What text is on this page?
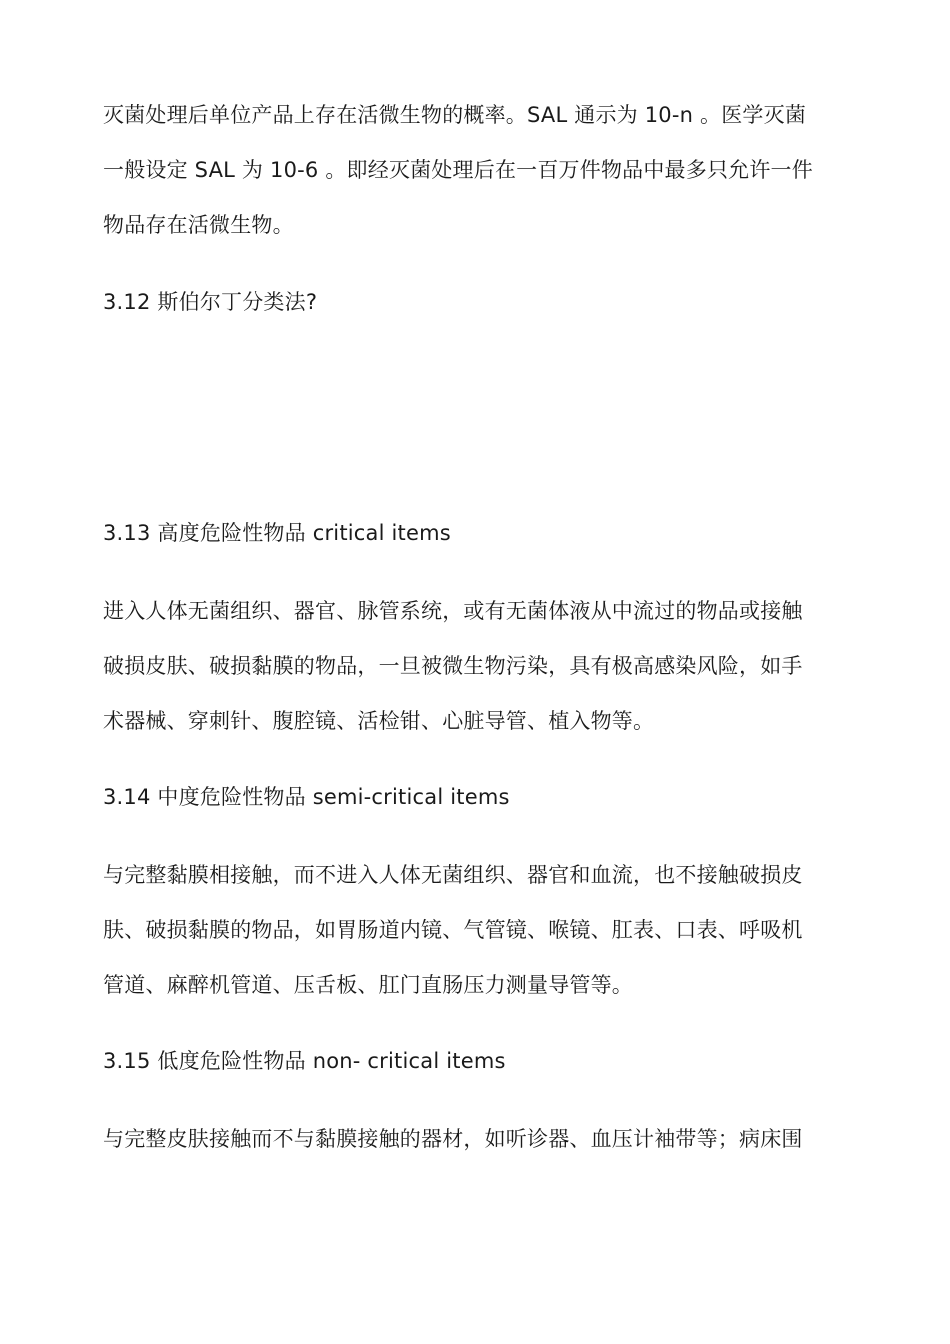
灭菌处理后单位产品上存在活微生物的概率。SAL 通示为 10-n 。医学灭菌
一般设定 SAL 为 10-6 。即经灭菌处理后在一百万件物品中最多只允许一件
物品存在活微生物。
3.12 斯伯尔丁分类法?
3.13 高度危险性物品 critical items
进入人体无菌组织、器官、脉管系统，或有无菌体液从中流过的物品或接触
破损皮肤、破损黏膜的物品，一旦被微生物污染，具有极高感染风险，如手
术器械、穿刺针、腹腔镜、活检钳、心脏导管、植入物等。
3.14 中度危险性物品 semi-critical items
与完整黏膜相接触，而不进入人体无菌组织、器官和血流，也不接触破损皮
肤、破损黏膜的物品，如胃肠道内镜、气管镜、喉镜、肛表、口表、呼吸机
管道、麻醉机管道、压舌板、肛门直肠压力测量导管等。
3.15 低度危险性物品 non- critical items
与完整皮肤接触而不与黏膜接触的器材，如听诊器、血压计袖带等；病床围
